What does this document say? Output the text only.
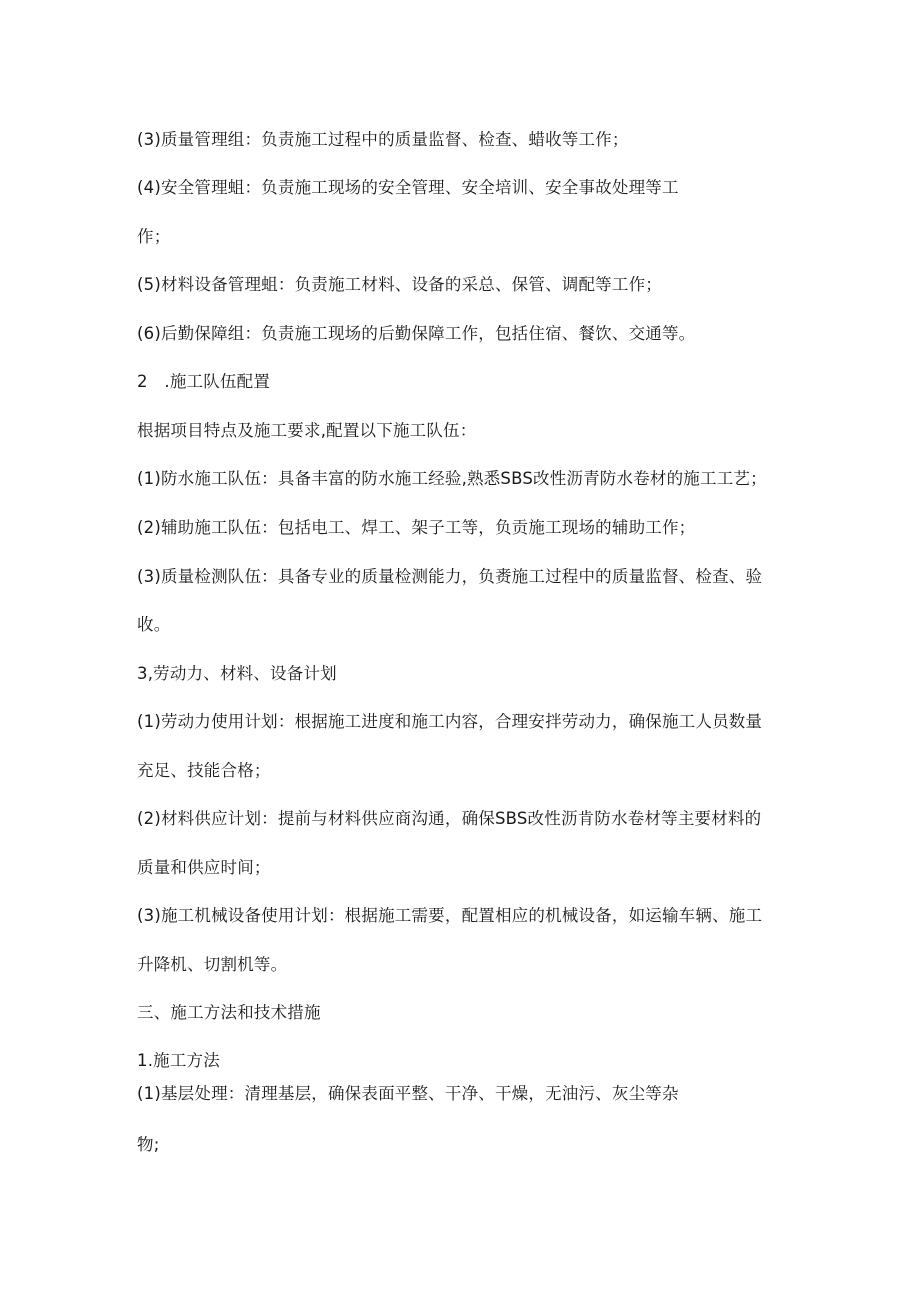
(3)质量管理组：负责施工过程中的质量监督、检查、蜡收等工作；
(4)安全管理蛆：负责施工现场的安全管理、安全培训、安全事故处理等工
作；
(5)材料设备管理蛆：负责施工材料、设备的采总、保管、调配等工作；
(6)后勤保障组：负责施工现场的后勤保障工作，包括住宿、餐饮、交通等。
2　.施工队伍配置
根据项目特点及施工要求,配置以下施工队伍：
(1)防水施工队伍：具备丰富的防水施工经验,熟悉SBS改性沥青防水卷材的施工工艺；
(2)辅助施工队伍：包括电工、焊工、架子工等，负贡施工现场的辅助工作；
(3)质量检测队伍：具备专业的质量检测能力，负赉施工过程中的质量监督、检查、验
收。
3,劳动力、材料、设备计划
(1)劳动力使用计划：根据施工进度和施工内容，合理安拌劳动力，确保施工人员数量
充足、技能合格；
(2)材料供应计划：提前与材料供应商沟通，确保SBS改性沥肯防水卷材等主要材料的
质量和供应时间；
(3)施工机械设备使用计划：根据施工需要，配置相应的机械设备，如运输车辆、施工
升降机、切割机等。
三、施工方法和技术措施
1.施工方法
(1)基层处理：清理基层，确保表面平整、干净、干燥，无油污、灰尘等杂
物;
